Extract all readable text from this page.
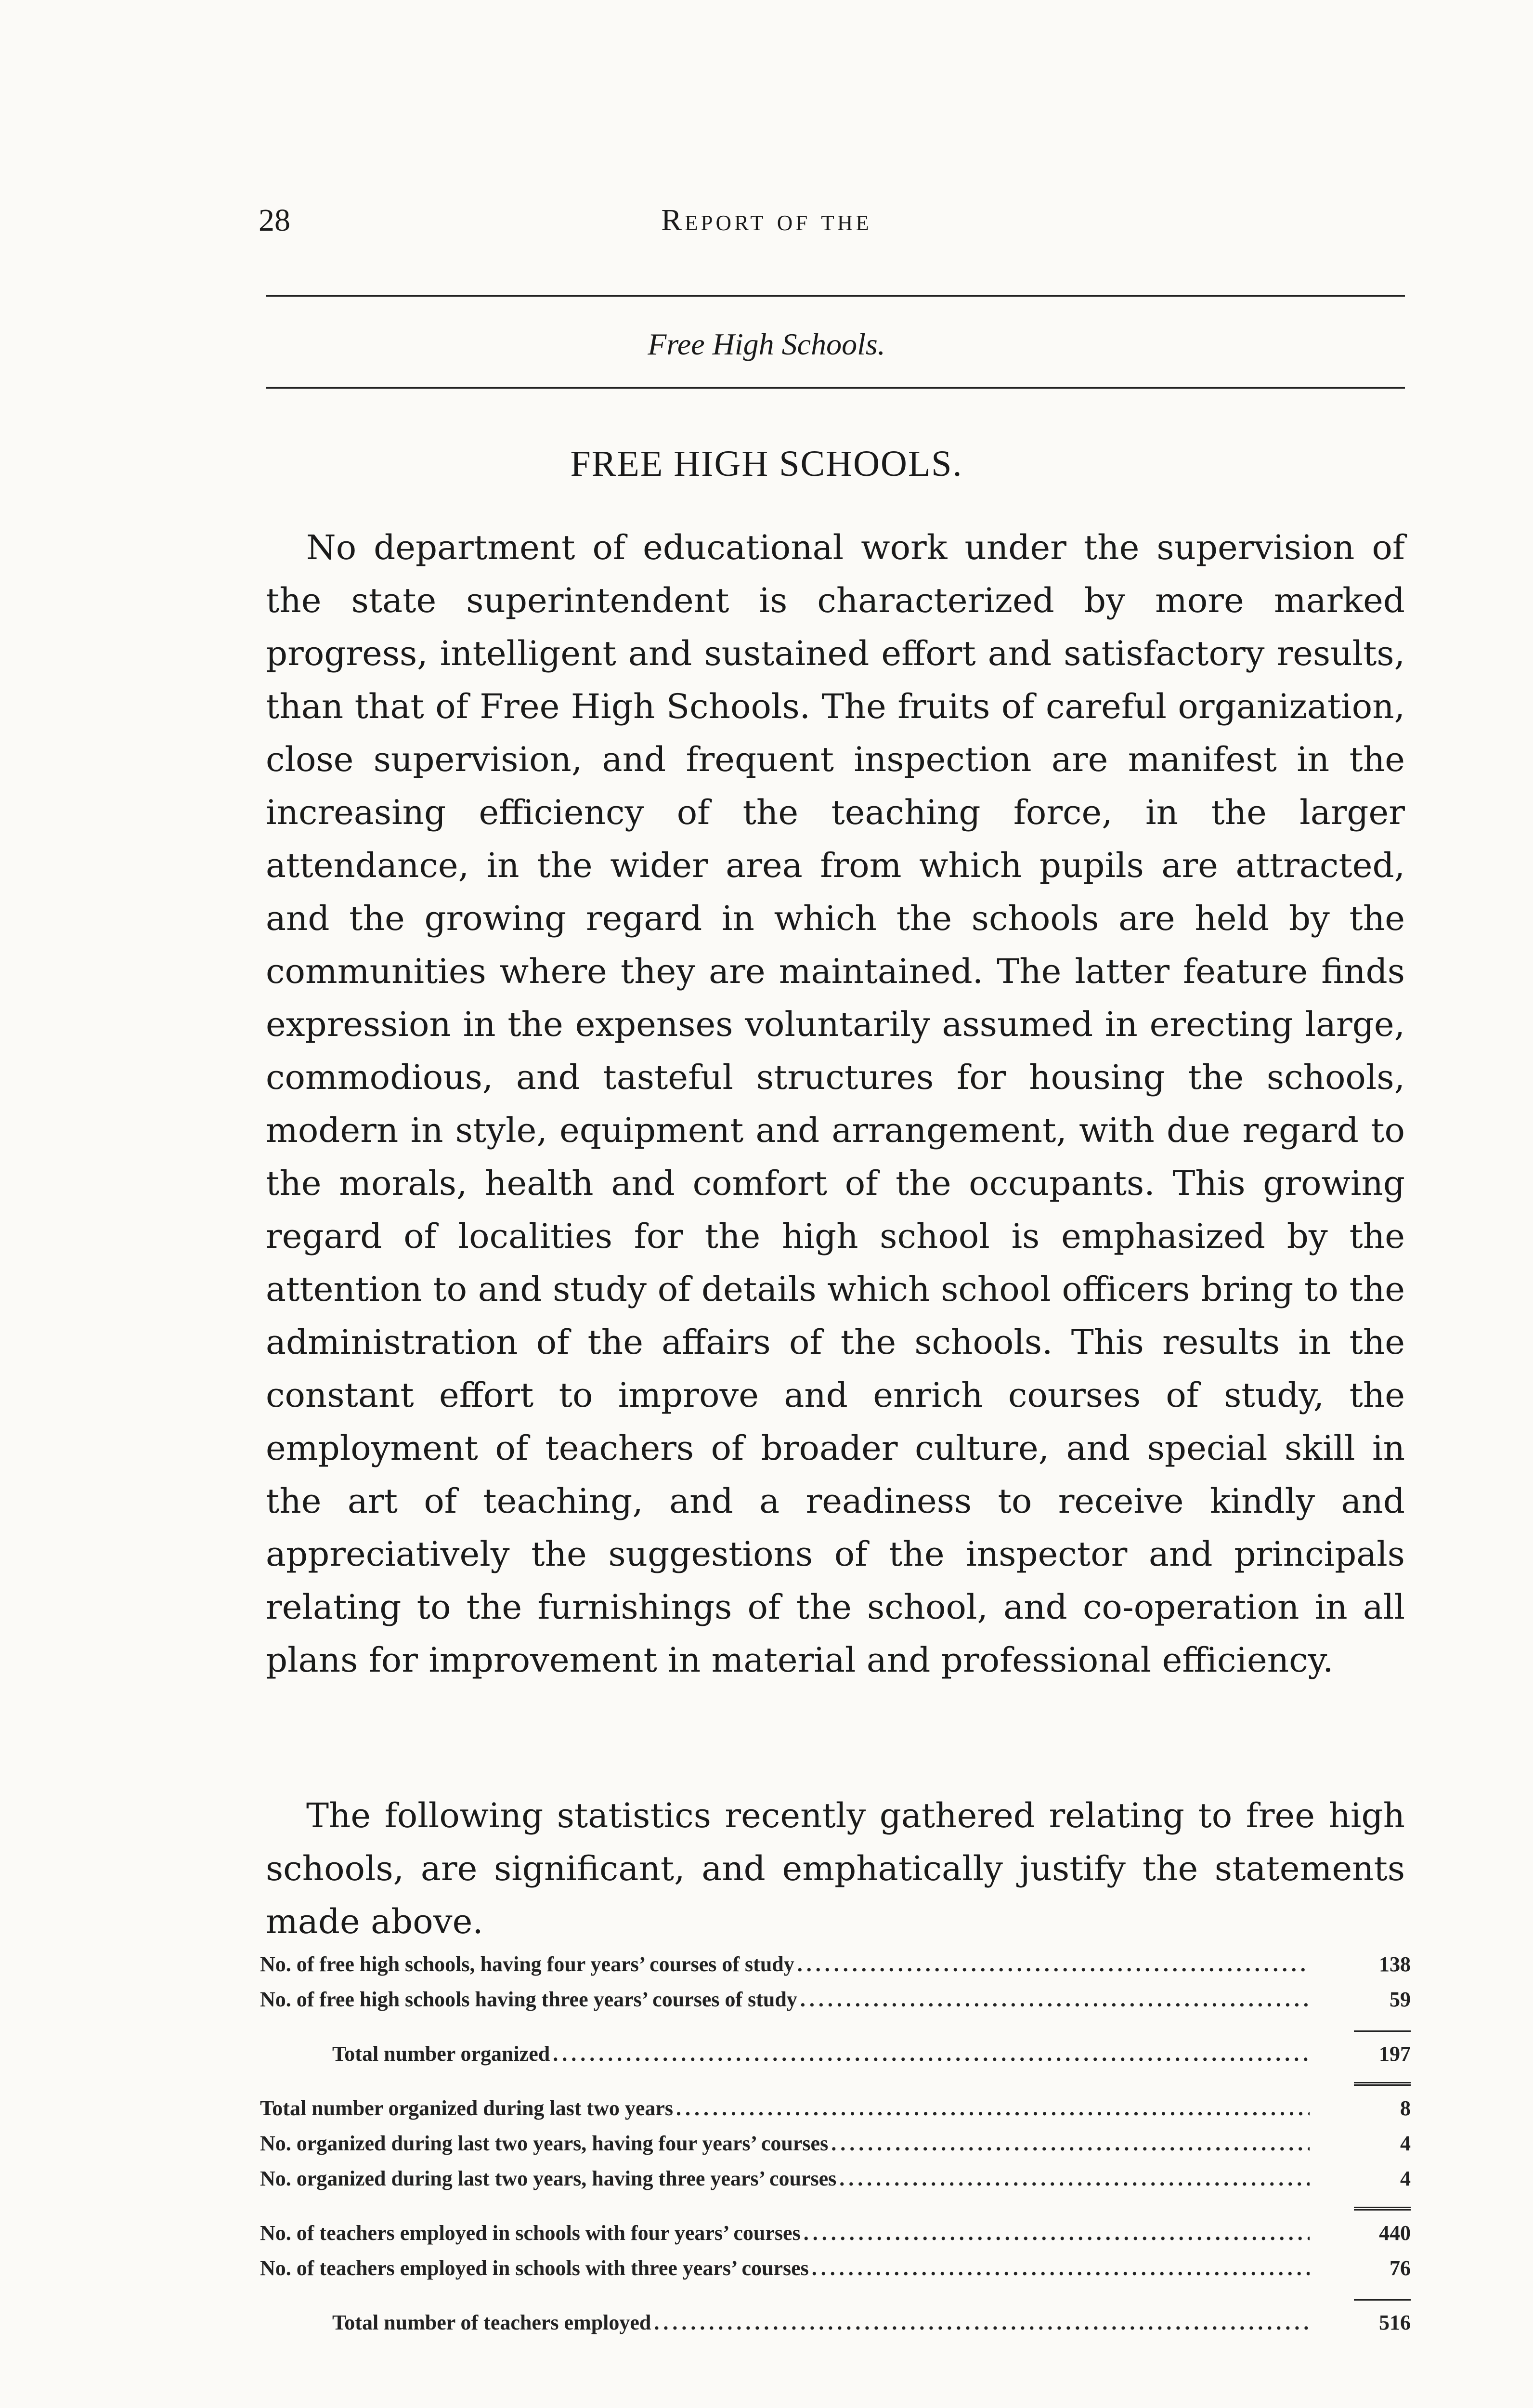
28	Report of the
Free High Schools.
FREE HIGH SCHOOLS.

No department of educational work under the supervision of the state superintendent is characterized by more marked progress, intelligent and sustained effort and satisfactory results, than that of Free High Schools. The fruits of careful organization, close supervision, and frequent inspection are manifest in the increasing efficiency of the teaching force, in the larger attendance, in the wider area from which pupils are attracted, and the growing regard in which the schools are held by the communities where they are maintained. The latter feature finds expression in the expenses voluntarily assumed in erecting large, commodious, and tasteful structures for housing the schools, modern in style, equipment and arrangement, with due regard to the morals, health and comfort of the occupants. This growing regard of localities for the high school is emphasized by the attention to and study of details which school officers bring to the administration of the affairs of the schools. This results in the constant effort to improve and enrich courses of study, the employment of teachers of broader culture, and special skill in the art of teaching, and a readiness to receive kindly and appreciatively the suggestions of the inspector and principals relating to the furnishings of the school, and co-operation in all plans for improvement in material and professional efficiency.

The following statistics recently gathered relating to free high schools, are significant, and emphatically justify the statements made above.

No. of free high schools, having four years’ courses of study .....	138
No. of free high schools having three years’ courses of study .....	59
Total number organized .....	197
Total number organized during last two years .....	8
No. organized during last two years, having four years’ courses .....	4
No. organized during last two years, having three years’ courses .....	4
No. of teachers employed in schools with four years’ courses .....	440
No. of teachers employed in schools with three years’ courses .....	76
Total number of teachers employed .....	516
